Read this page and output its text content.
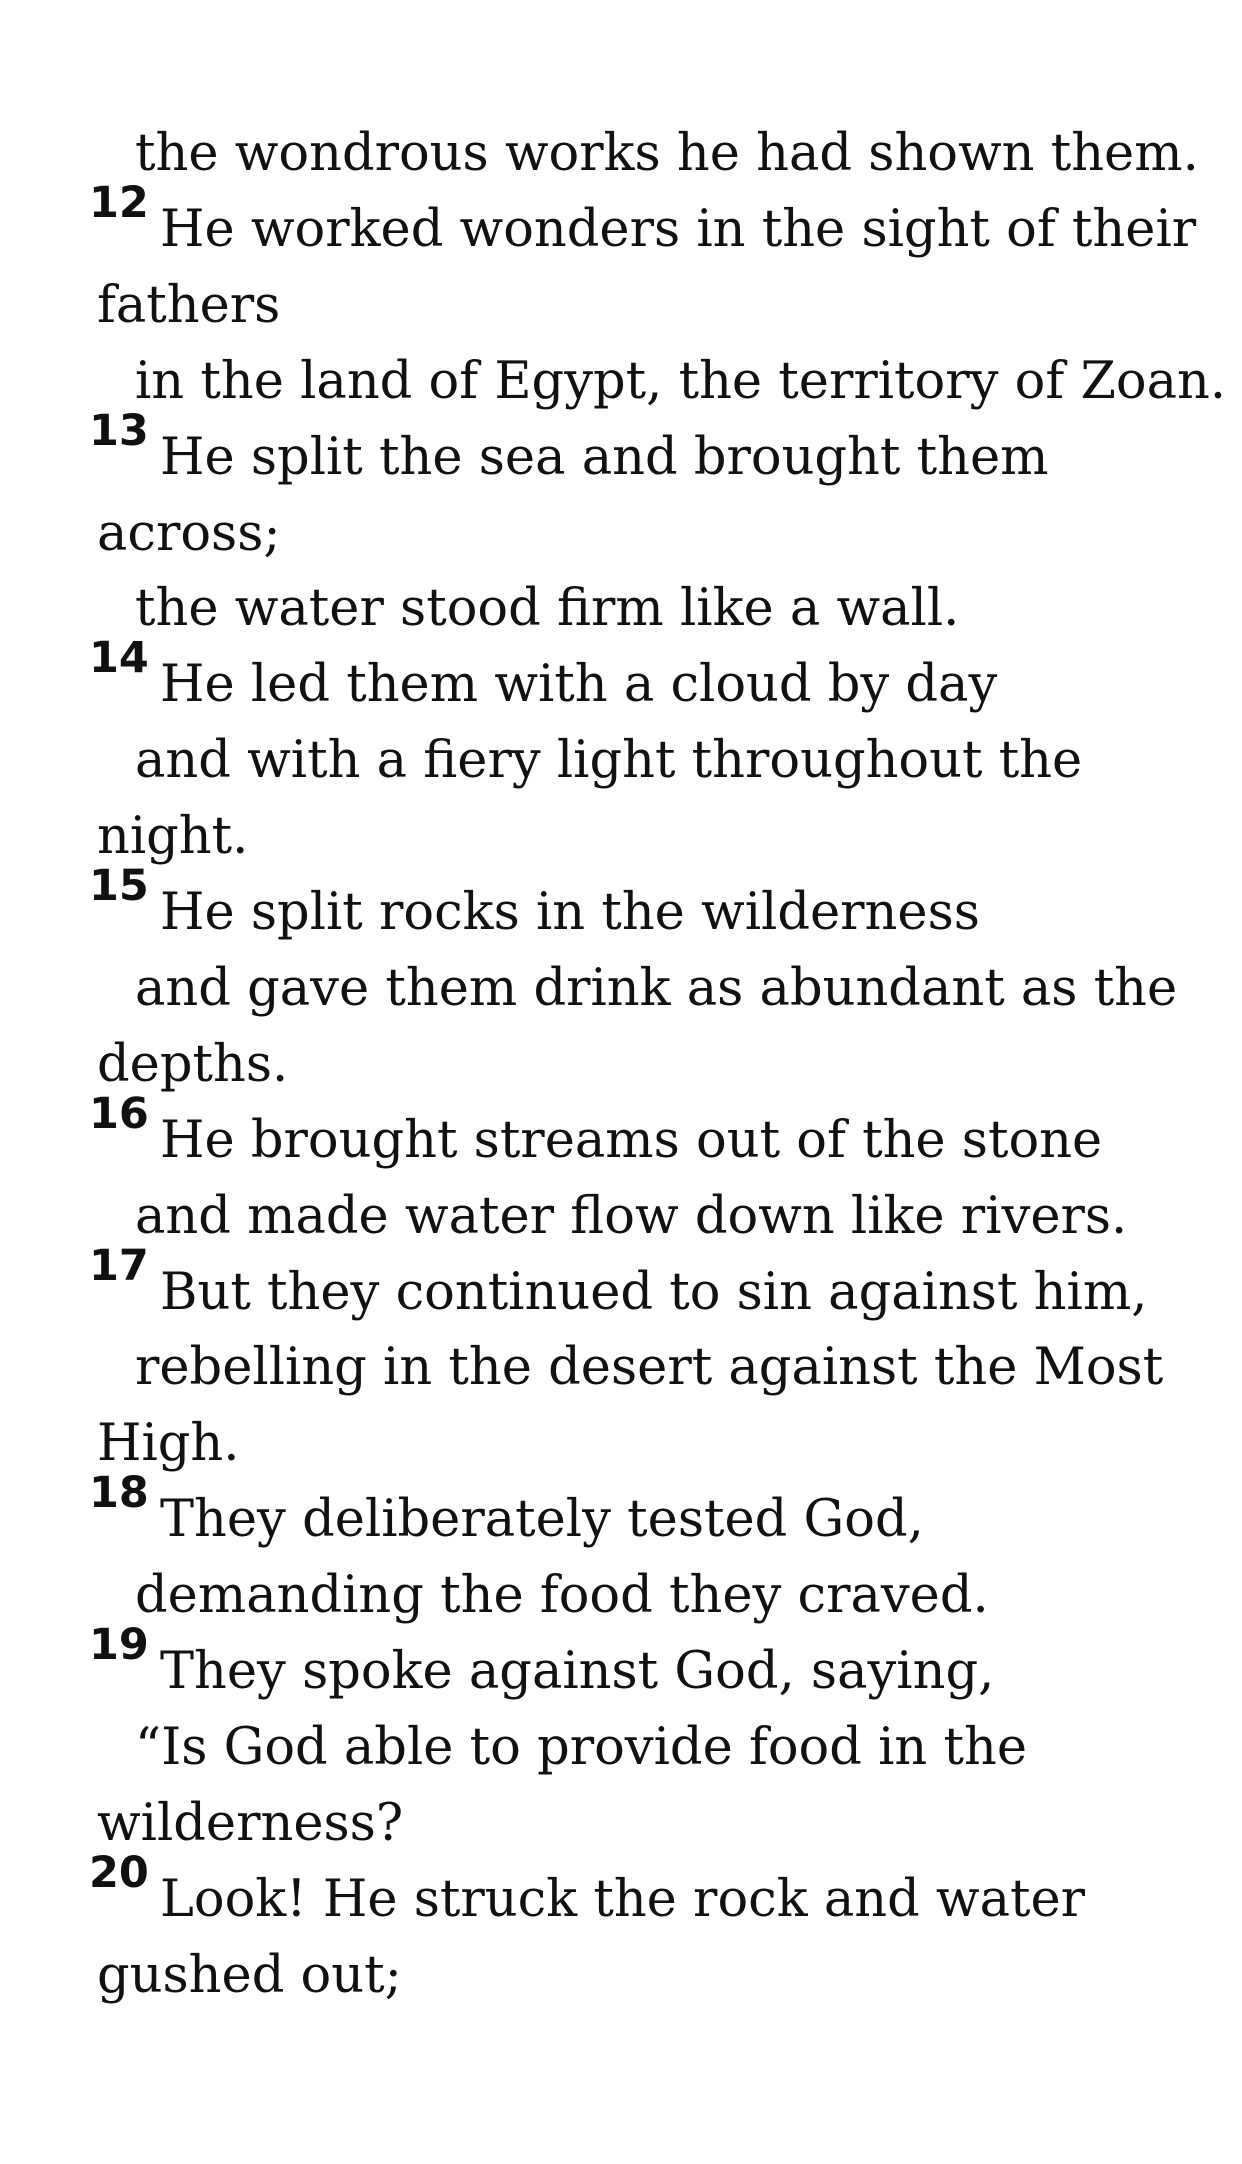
the wondrous works he had shown them.
12 He worked wonders in the sight of their
fathers
in the land of Egypt, the territory of Zoan.
13 He split the sea and brought them
across;
the water stood firm like a wall.
14 He led them with a cloud by day
and with a fiery light throughout the
night.
15 He split rocks in the wilderness
and gave them drink as abundant as the
depths.
16 He brought streams out of the stone
and made water flow down like rivers.
17 But they continued to sin against him,
rebelling in the desert against the Most
High.
18 They deliberately tested God,
demanding the food they craved.
19 They spoke against God, saying,
“Is God able to provide food in the
wilderness?
20 Look! He struck the rock and water
gushed out;
